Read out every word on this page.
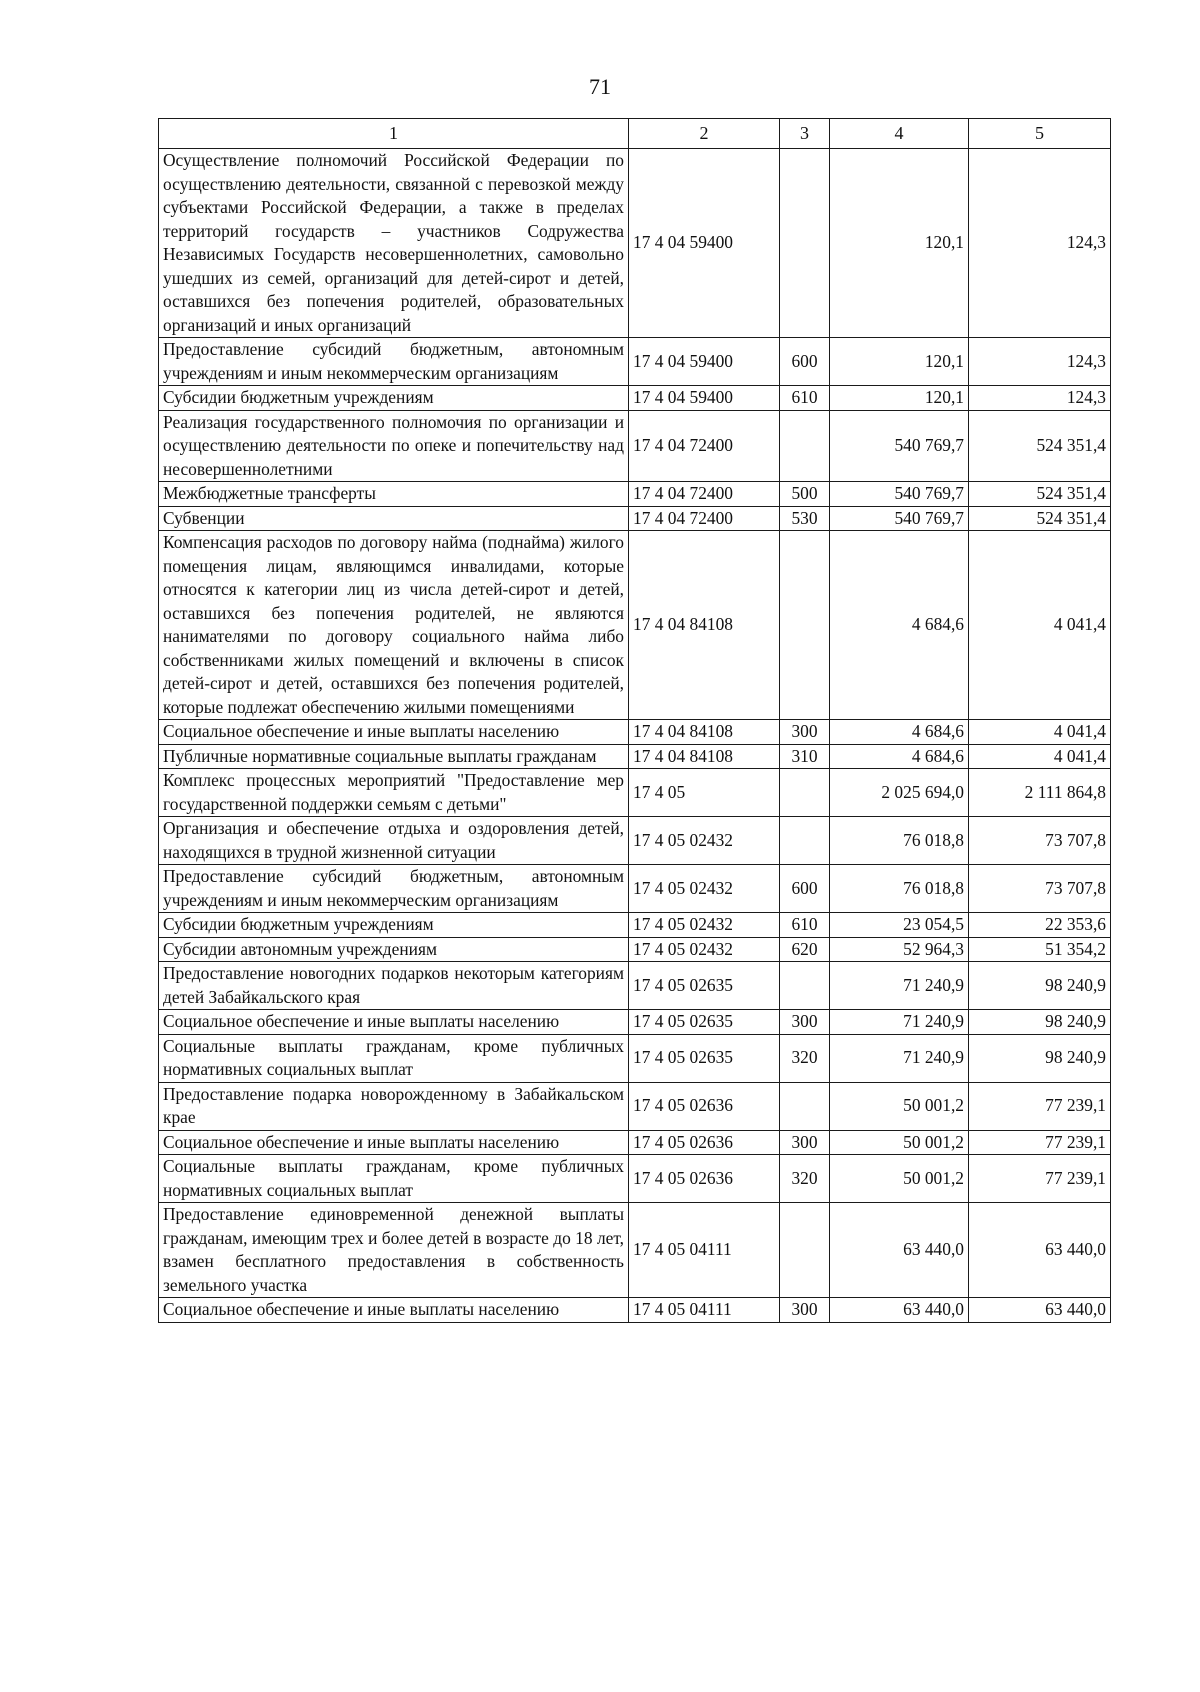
71
1	2	3	4	5
Осуществление полномочий Российской Федерации по осуществлению деятельности, связанной с перевозкой между субъектами Российской Федерации, а также в пределах территорий государств – участников Содружества Независимых Государств несовершеннолетних, самовольно ушедших из семей, организаций для детей-сирот и детей, оставшихся без попечения родителей, образовательных организаций и иных организаций	17 4 04 59400		120,1	124,3
Предоставление субсидий бюджетным, автономным учреждениям и иным некоммерческим организациям	17 4 04 59400	600	120,1	124,3
Субсидии бюджетным учреждениям	17 4 04 59400	610	120,1	124,3
Реализация государственного полномочия по организации и осуществлению деятельности по опеке и попечительству над несовершеннолетними	17 4 04 72400		540 769,7	524 351,4
Межбюджетные трансферты	17 4 04 72400	500	540 769,7	524 351,4
Субвенции	17 4 04 72400	530	540 769,7	524 351,4
Компенсация расходов по договору найма (поднайма) жилого помещения лицам, являющимся инвалидами, которые относятся к категории лиц из числа детей-сирот и детей, оставшихся без попечения родителей, не являются нанимателями по договору социального найма либо собственниками жилых помещений и включены в список детей-сирот и детей, оставшихся без попечения родителей, которые подлежат обеспечению жилыми помещениями	17 4 04 84108		4 684,6	4 041,4
Социальное обеспечение и иные выплаты населению	17 4 04 84108	300	4 684,6	4 041,4
Публичные нормативные социальные выплаты гражданам	17 4 04 84108	310	4 684,6	4 041,4
Комплекс процессных мероприятий "Предоставление мер государственной поддержки семьям с детьми"	17 4 05		2 025 694,0	2 111 864,8
Организация и обеспечение отдыха и оздоровления детей, находящихся в трудной жизненной ситуации	17 4 05 02432		76 018,8	73 707,8
Предоставление субсидий бюджетным, автономным учреждениям и иным некоммерческим организациям	17 4 05 02432	600	76 018,8	73 707,8
Субсидии бюджетным учреждениям	17 4 05 02432	610	23 054,5	22 353,6
Субсидии автономным учреждениям	17 4 05 02432	620	52 964,3	51 354,2
Предоставление новогодних подарков некоторым категориям детей Забайкальского края	17 4 05 02635		71 240,9	98 240,9
Социальное обеспечение и иные выплаты населению	17 4 05 02635	300	71 240,9	98 240,9
Социальные выплаты гражданам, кроме публичных нормативных социальных выплат	17 4 05 02635	320	71 240,9	98 240,9
Предоставление подарка новорожденному в Забайкальском крае	17 4 05 02636		50 001,2	77 239,1
Социальное обеспечение и иные выплаты населению	17 4 05 02636	300	50 001,2	77 239,1
Социальные выплаты гражданам, кроме публичных нормативных социальных выплат	17 4 05 02636	320	50 001,2	77 239,1
Предоставление единовременной денежной выплаты гражданам, имеющим трех и более детей в возрасте до 18 лет, взамен бесплатного предоставления в собственность земельного участка	17 4 05 04111		63 440,0	63 440,0
Социальное обеспечение и иные выплаты населению	17 4 05 04111	300	63 440,0	63 440,0
